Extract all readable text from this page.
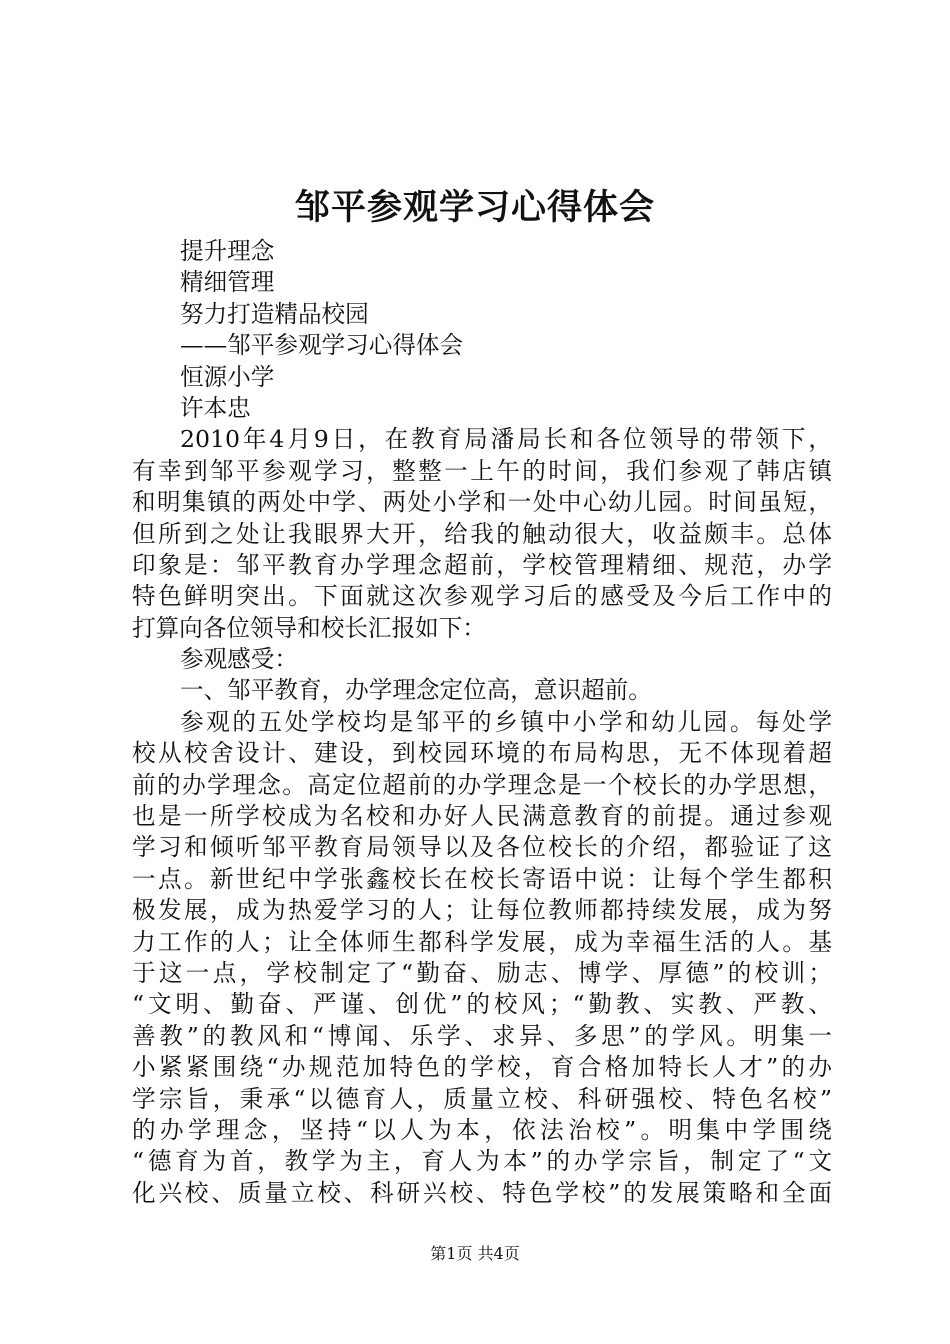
邹平参观学习心得体会
提升理念
精细管理
努力打造精品校园
——邹平参观学习心得体会
恒源小学
许本忠
2010年4月9日，在教育局潘局长和各位领导的带领下，
有幸到邹平参观学习，整整一上午的时间，我们参观了韩店镇
和明集镇的两处中学、两处小学和一处中心幼儿园。时间虽短，
但所到之处让我眼界大开，给我的触动很大，收益颇丰。总体
印象是：邹平教育办学理念超前，学校管理精细、规范，办学
特色鲜明突出。下面就这次参观学习后的感受及今后工作中的
打算向各位领导和校长汇报如下：
参观感受：
一、邹平教育，办学理念定位高，意识超前。
参观的五处学校均是邹平的乡镇中小学和幼儿园。每处学
校从校舍设计、建设，到校园环境的布局构思，无不体现着超
前的办学理念。高定位超前的办学理念是一个校长的办学思想，
也是一所学校成为名校和办好人民满意教育的前提。通过参观
学习和倾听邹平教育局领导以及各位校长的介绍，都验证了这
一点。新世纪中学张鑫校长在校长寄语中说：让每个学生都积
极发展，成为热爱学习的人；让每位教师都持续发展，成为努
力工作的人；让全体师生都科学发展，成为幸福生活的人。基
于这一点，学校制定了“勤奋、励志、博学、厚德”的校训；
“文明、勤奋、严谨、创优”的校风；“勤教、实教、严教、
善教”的教风和“博闻、乐学、求异、多思”的学风。明集一
小紧紧围绕“办规范加特色的学校，育合格加特长人才”的办
学宗旨，秉承“以德育人，质量立校、科研强校、特色名校”
的办学理念，坚持“以人为本，依法治校”。明集中学围绕
“德育为首，教学为主，育人为本”的办学宗旨，制定了“文
化兴校、质量立校、科研兴校、特色学校”的发展策略和全面
第1页 共4页
